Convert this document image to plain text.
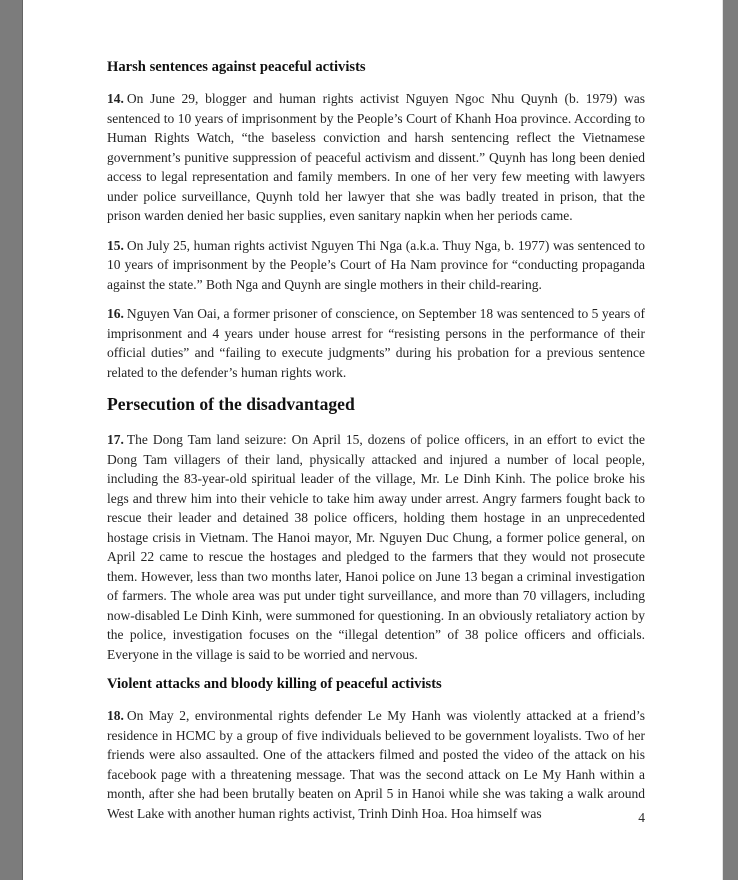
Harsh sentences against peaceful activists

14. On June 29, blogger and human rights activist Nguyen Ngoc Nhu Quynh (b. 1979) was sentenced to 10 years of imprisonment by the People’s Court of Khanh Hoa province. According to Human Rights Watch, “the baseless conviction and harsh sentencing reflect the Vietnamese government’s punitive suppression of peaceful activism and dissent.” Quynh has long been denied access to legal representation and family members. In one of her very few meeting with lawyers under police surveillance, Quynh told her lawyer that she was badly treated in prison, that the prison warden denied her basic supplies, even sanitary napkin when her periods came.

15. On July 25, human rights activist Nguyen Thi Nga (a.k.a. Thuy Nga, b. 1977) was sentenced to 10 years of imprisonment by the People’s Court of Ha Nam province for “conducting propaganda against the state.” Both Nga and Quynh are single mothers in their child-rearing.

16. Nguyen Van Oai, a former prisoner of conscience, on September 18 was sentenced to 5 years of imprisonment and 4 years under house arrest for “resisting persons in the performance of their official duties” and “failing to execute judgments” during his probation for a previous sentence related to the defender’s human rights work.

Persecution of the disadvantaged

17. The Dong Tam land seizure: On April 15, dozens of police officers, in an effort to evict the Dong Tam villagers of their land, physically attacked and injured a number of local people, including the 83-year-old spiritual leader of the village, Mr. Le Dinh Kinh. The police broke his legs and threw him into their vehicle to take him away under arrest. Angry farmers fought back to rescue their leader and detained 38 police officers, holding them hostage in an unprecedented hostage crisis in Vietnam. The Hanoi mayor, Mr. Nguyen Duc Chung, a former police general, on April 22 came to rescue the hostages and pledged to the farmers that they would not prosecute them. However, less than two months later, Hanoi police on June 13 began a criminal investigation of farmers. The whole area was put under tight surveillance, and more than 70 villagers, including now-disabled Le Dinh Kinh, were summoned for questioning. In an obviously retaliatory action by the police, investigation focuses on the “illegal detention” of 38 police officers and officials. Everyone in the village is said to be worried and nervous.

Violent attacks and bloody killing of peaceful activists

18. On May 2, environmental rights defender Le My Hanh was violently attacked at a friend’s residence in HCMC by a group of five individuals believed to be government loyalists. Two of her friends were also assaulted. One of the attackers filmed and posted the video of the attack on his facebook page with a threatening message. That was the second attack on Le My Hanh within a month, after she had been brutally beaten on April 5 in Hanoi while she was taking a walk around West Lake with another human rights activist, Trinh Dinh Hoa. Hoa himself was	4
